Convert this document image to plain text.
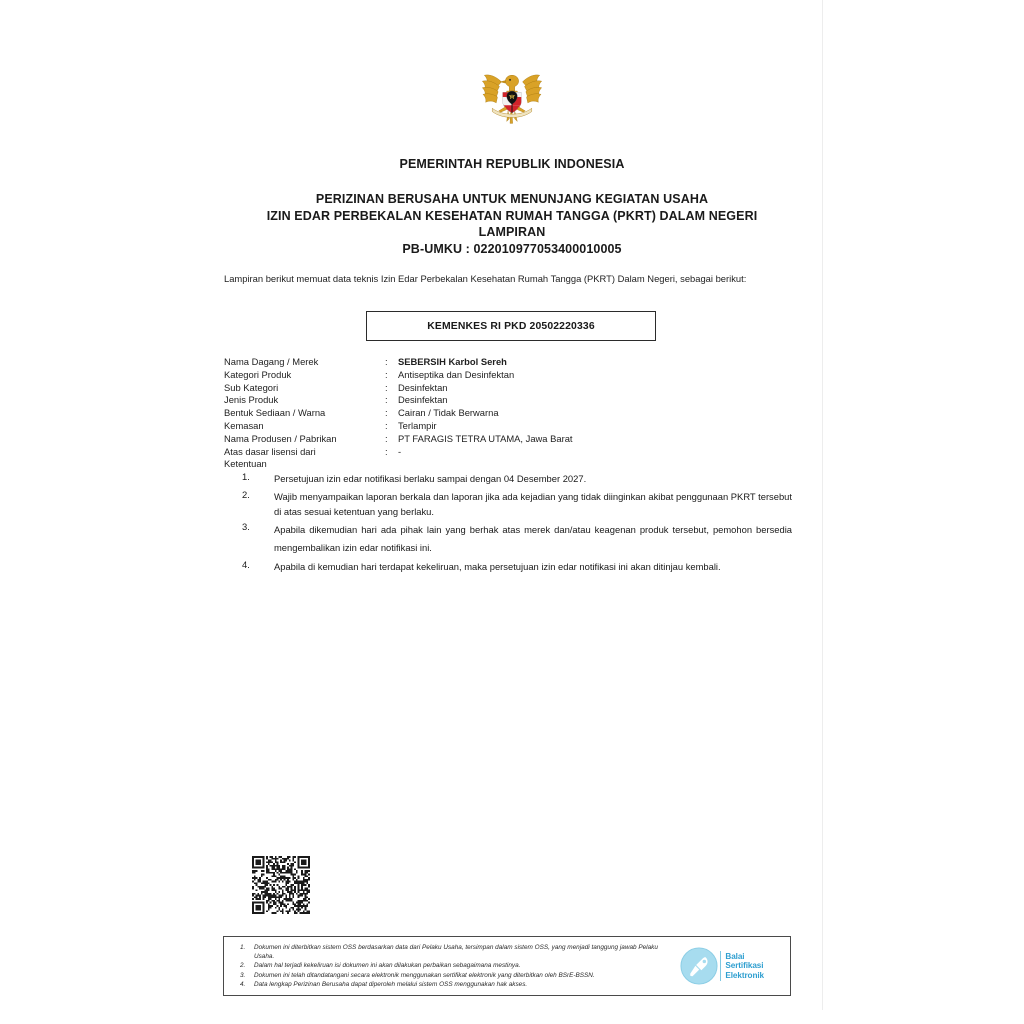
PEMERINTAH REPUBLIK INDONESIA
PERIZINAN BERUSAHA UNTUK MENUNJANG KEGIATAN USAHA
IZIN EDAR PERBEKALAN KESEHATAN RUMAH TANGGA (PKRT) DALAM NEGERI
LAMPIRAN
PB-UMKU : 022010977053400010005
Lampiran berikut memuat data teknis Izin Edar Perbekalan Kesehatan Rumah Tangga (PKRT) Dalam Negeri, sebagai berikut:
KEMENKES RI PKD 20502220336
Nama Dagang / Merek	:	SEBERSIH Karbol Sereh
Kategori Produk	:	Antiseptika dan Desinfektan
Sub Kategori	:	Desinfektan
Jenis Produk	:	Desinfektan
Bentuk Sediaan / Warna	:	Cairan / Tidak Berwarna
Kemasan	:	Terlampir
Nama Produsen / Pabrikan	:	PT FARAGIS TETRA UTAMA, Jawa Barat
Atas dasar lisensi dari	:	-
Ketentuan
1.	Persetujuan izin edar notifikasi berlaku sampai dengan 04 Desember 2027.
2.	Wajib menyampaikan laporan berkala dan laporan jika ada kejadian yang tidak diinginkan akibat penggunaan PKRT tersebut di atas sesuai ketentuan yang berlaku.
3.	Apabila dikemudian hari ada pihak lain yang berhak atas merek dan/atau keagenan produk tersebut, pemohon bersedia mengembalikan izin edar notifikasi ini.
4.	Apabila di kemudian hari terdapat kekeliruan, maka persetujuan izin edar notifikasi ini akan ditinjau kembali.
1.	Dokumen ini diterbitkan sistem OSS berdasarkan data dari Pelaku Usaha, tersimpan dalam sistem OSS, yang menjadi tanggung jawab Pelaku Usaha.
2.	Dalam hal terjadi kekeliruan isi dokumen ini akan dilakukan perbaikan sebagaimana mestinya.
3.	Dokumen ini telah ditandatangani secara elektronik menggunakan sertifikat elektronik yang diterbitkan oleh BSrE-BSSN.
4.	Data lengkap Perizinan Berusaha dapat diperoleh melalui sistem OSS menggunakan hak akses.
Balai
Sertifikasi
Elektronik
